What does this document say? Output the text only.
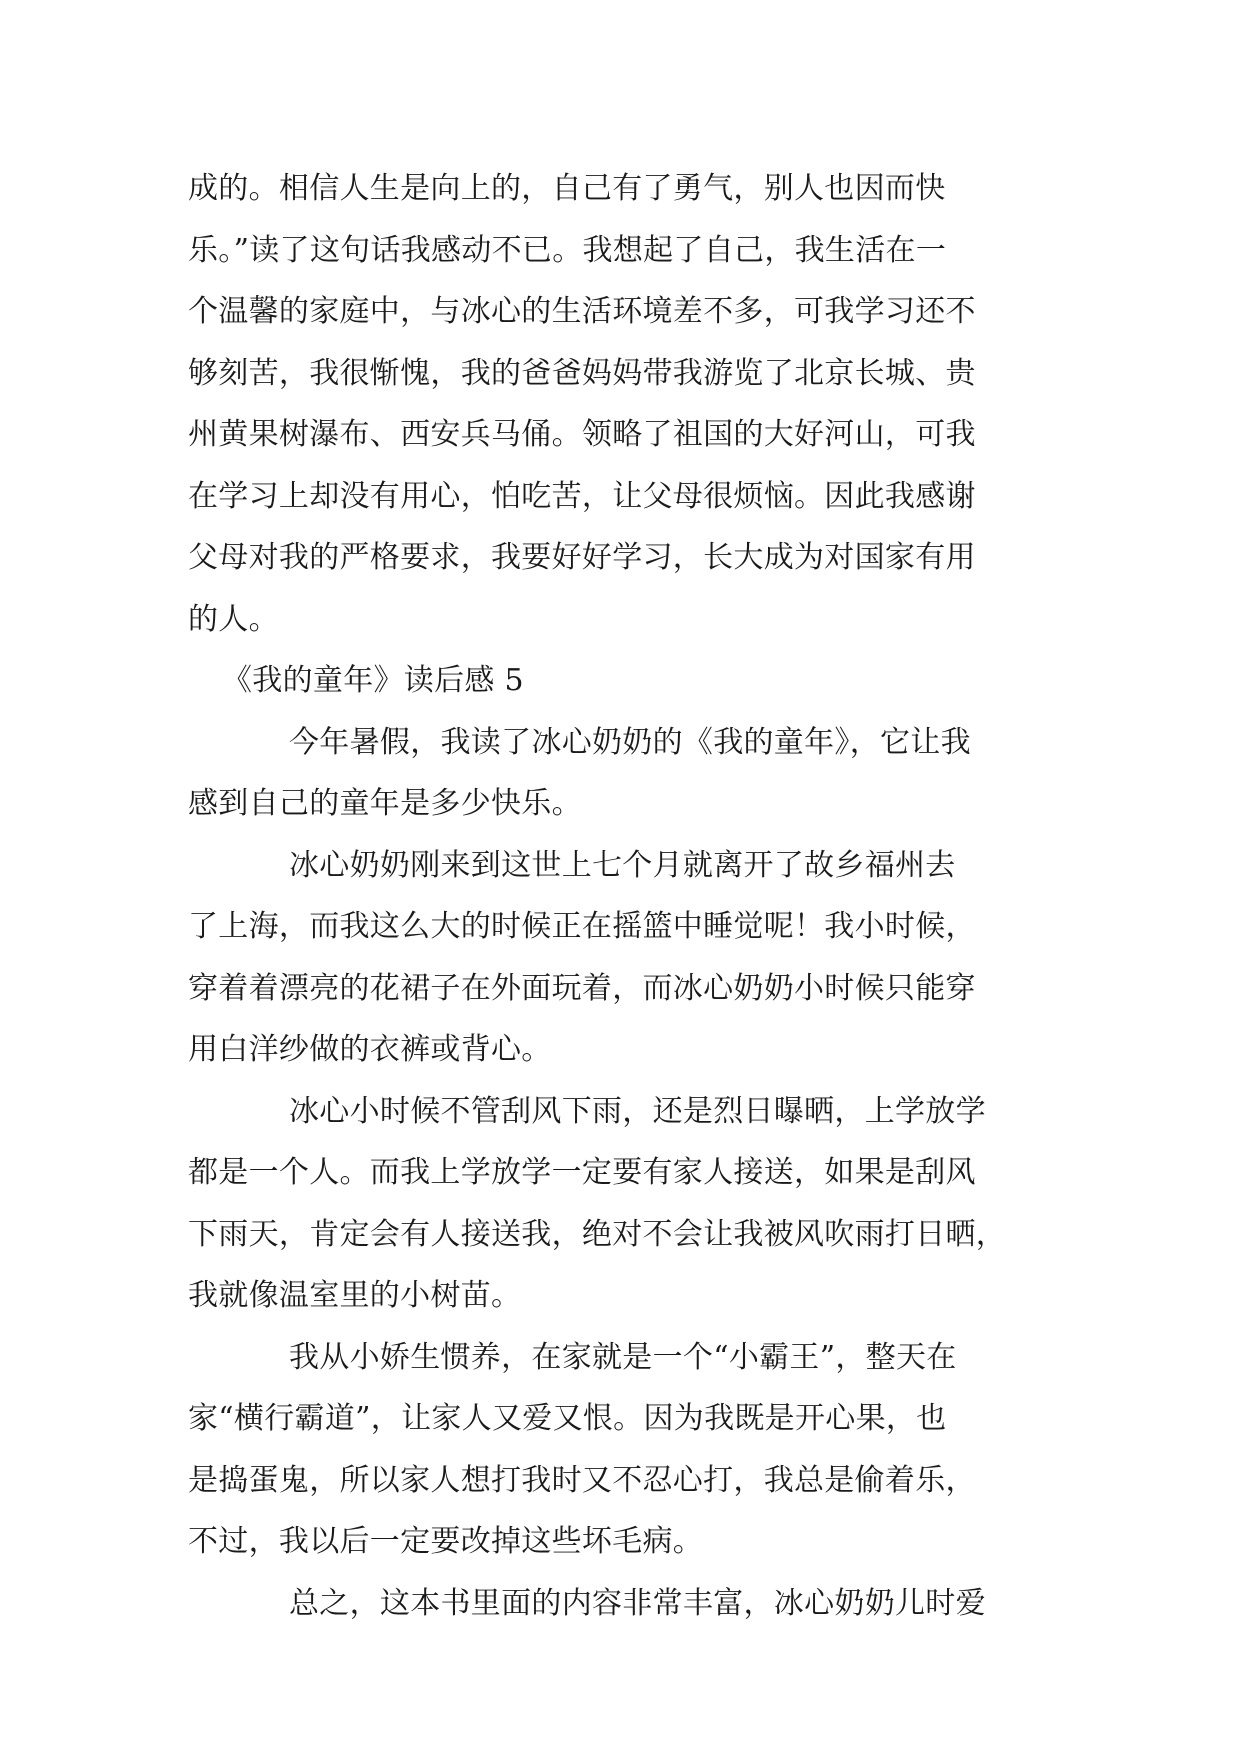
成的。相信人生是向上的，自己有了勇气，别人也因而快
乐。”读了这句话我感动不已。我想起了自己，我生活在一
个温馨的家庭中，与冰心的生活环境差不多，可我学习还不
够刻苦，我很惭愧，我的爸爸妈妈带我游览了北京长城、贵
州黄果树瀑布、西安兵马俑。领略了祖国的大好河山，可我
在学习上却没有用心，怕吃苦，让父母很烦恼。因此我感谢
父母对我的严格要求，我要好好学习，长大成为对国家有用
的人。
《我的童年》读后感 5
今年暑假，我读了冰心奶奶的《我的童年》，它让我
感到自己的童年是多少快乐。
冰心奶奶刚来到这世上七个月就离开了故乡福州去
了上海，而我这么大的时候正在摇篮中睡觉呢！我小时候，
穿着着漂亮的花裙子在外面玩着，而冰心奶奶小时候只能穿
用白洋纱做的衣裤或背心。
冰心小时候不管刮风下雨，还是烈日曝晒，上学放学
都是一个人。而我上学放学一定要有家人接送，如果是刮风
下雨天，肯定会有人接送我，绝对不会让我被风吹雨打日晒，
我就像温室里的小树苗。
我从小娇生惯养，在家就是一个“小霸王”，整天在
家“横行霸道”，让家人又爱又恨。因为我既是开心果，也
是捣蛋鬼，所以家人想打我时又不忍心打，我总是偷着乐，
不过，我以后一定要改掉这些坏毛病。
总之，这本书里面的内容非常丰富，冰心奶奶儿时爱
